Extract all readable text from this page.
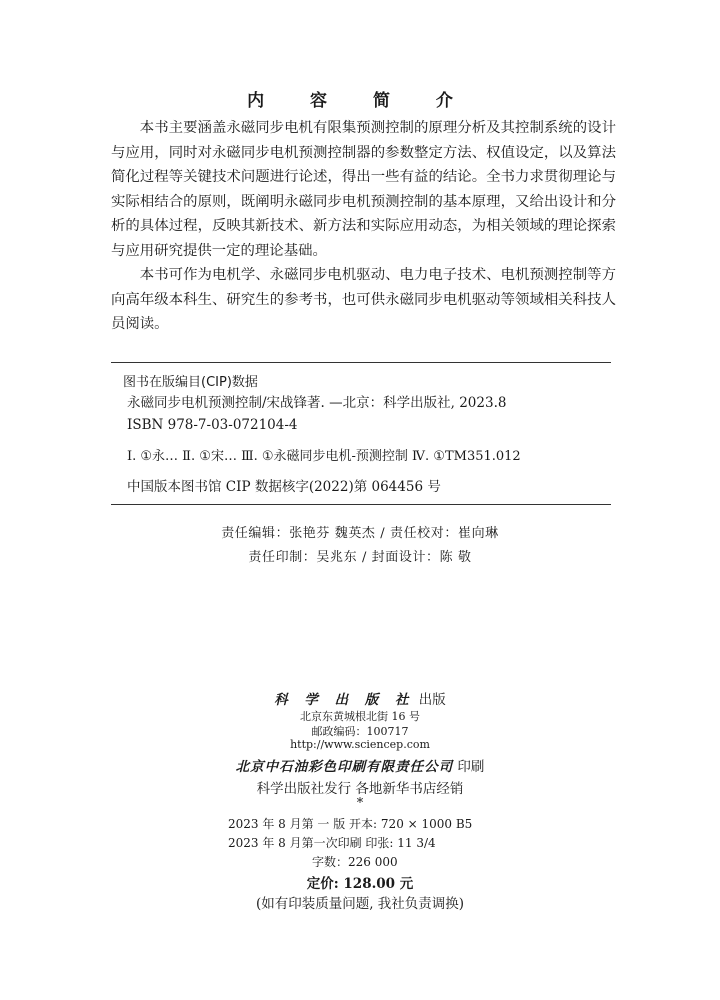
内 容 简 介

本书主要涵盖永磁同步电机有限集预测控制的原理分析及其控制系统的设计与应用，同时对永磁同步电机预测控制器的参数整定方法、权值设定，以及算法简化过程等关键技术问题进行论述，得出一些有益的结论。全书力求贯彻理论与实际相结合的原则，既阐明永磁同步电机预测控制的基本原理，又给出设计和分析的具体过程，反映其新技术、新方法和实际应用动态，为相关领域的理论探索与应用研究提供一定的理论基础。

本书可作为电机学、永磁同步电机驱动、电力电子技术、电机预测控制等方向高年级本科生、研究生的参考书，也可供永磁同步电机驱动等领域相关科技人员阅读。

图书在版编目(CIP)数据
永磁同步电机预测控制/宋战锋著. —北京：科学出版社, 2023.8
ISBN 978-7-03-072104-4
Ⅰ. ①永… Ⅱ. ①宋… Ⅲ. ①永磁同步电机-预测控制 Ⅳ. ①TM351.012
中国版本图书馆 CIP 数据核字(2022)第 064456 号
责任编辑：张艳芬 魏英杰 / 责任校对：崔向琳
责任印制：吴兆东 / 封面设计：陈 敬
科 学 出 版 社 出版
北京东黄城根北街 16 号
邮政编码：100717
http://www.sciencep.com
北京中石油彩色印刷有限责任公司 印刷
科学出版社发行 各地新华书店经销
*
2023 年 8 月第 一 版 开本: 720 × 1000 B5
2023 年 8 月第一次印刷 印张: 11 3/4
字数：226 000
定价: 128.00 元
(如有印装质量问题, 我社负责调换)
